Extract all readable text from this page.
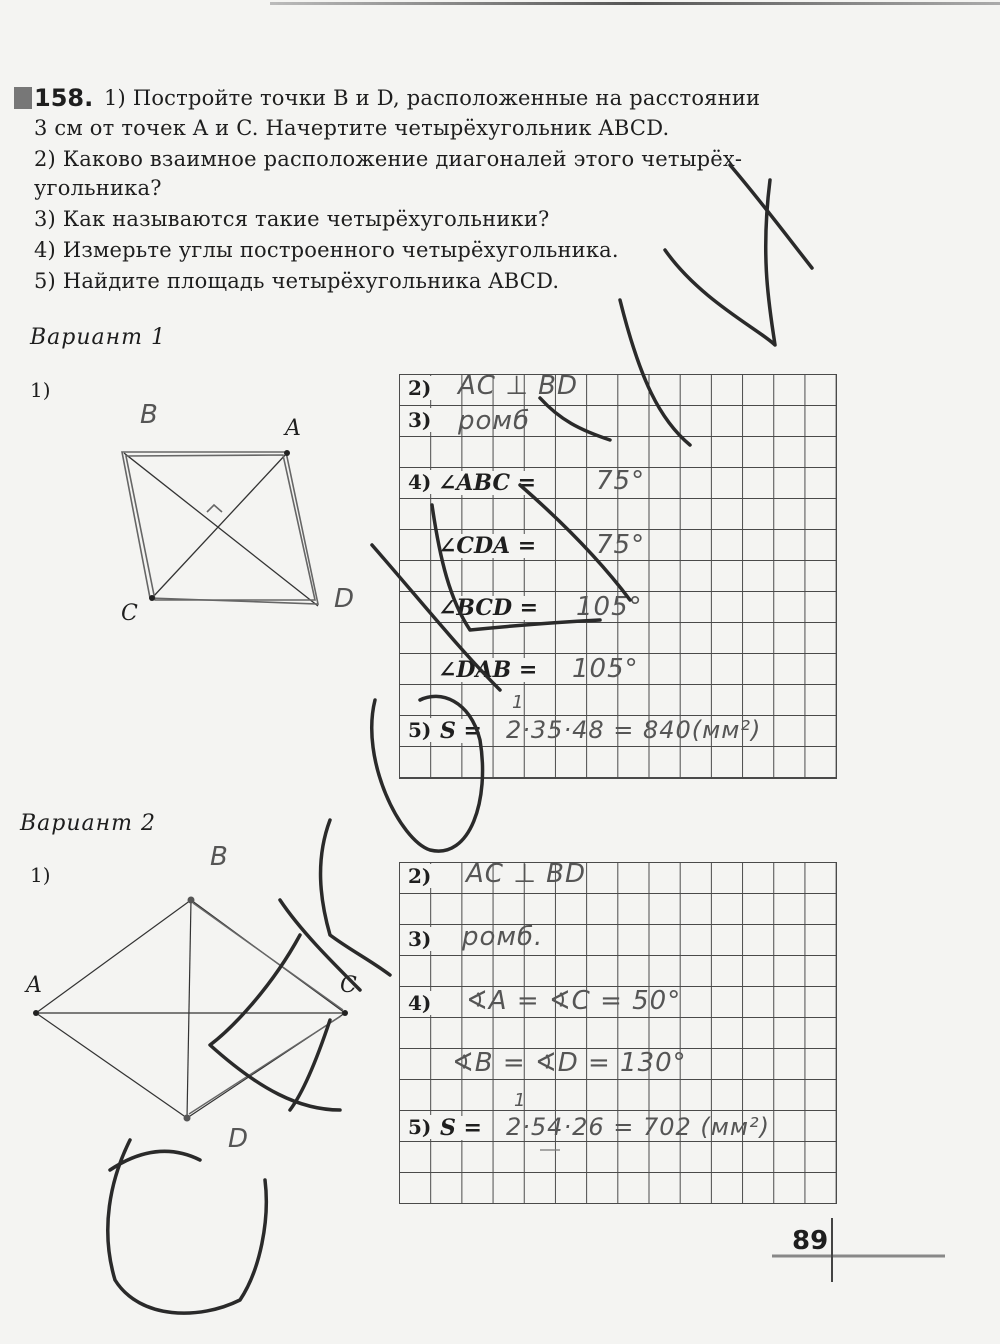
158. 1) Постройте точки B и D, расположенные на расстоянии
3 см от точек A и C. Начертите четырёхугольник ABCD.
2) Каково взаимное расположение диагоналей этого четырёх-
угольника?
3) Как называются такие четырёхугольники?
4) Измерьте углы построенного четырёхугольника.
5) Найдите площадь четырёхугольника ABCD.
Вариант 1
1)
A
C
B
D
2)
3)
4)
5)
∠ABC =
∠CDA =
∠BCD =
∠DAB =
S =
AC ⊥ BD
ромб
75°
75°
105°
105°
1
2·35·48 = 840(мм²)
Вариант 2
1)
A	C
B
D
2)
3)
4)
5) S =
AC ⊥ BD
ромб.
∢A = ∢C = 50°
∢B = ∢D = 130°
1
2·54·26 = 702 (мм²)
89
